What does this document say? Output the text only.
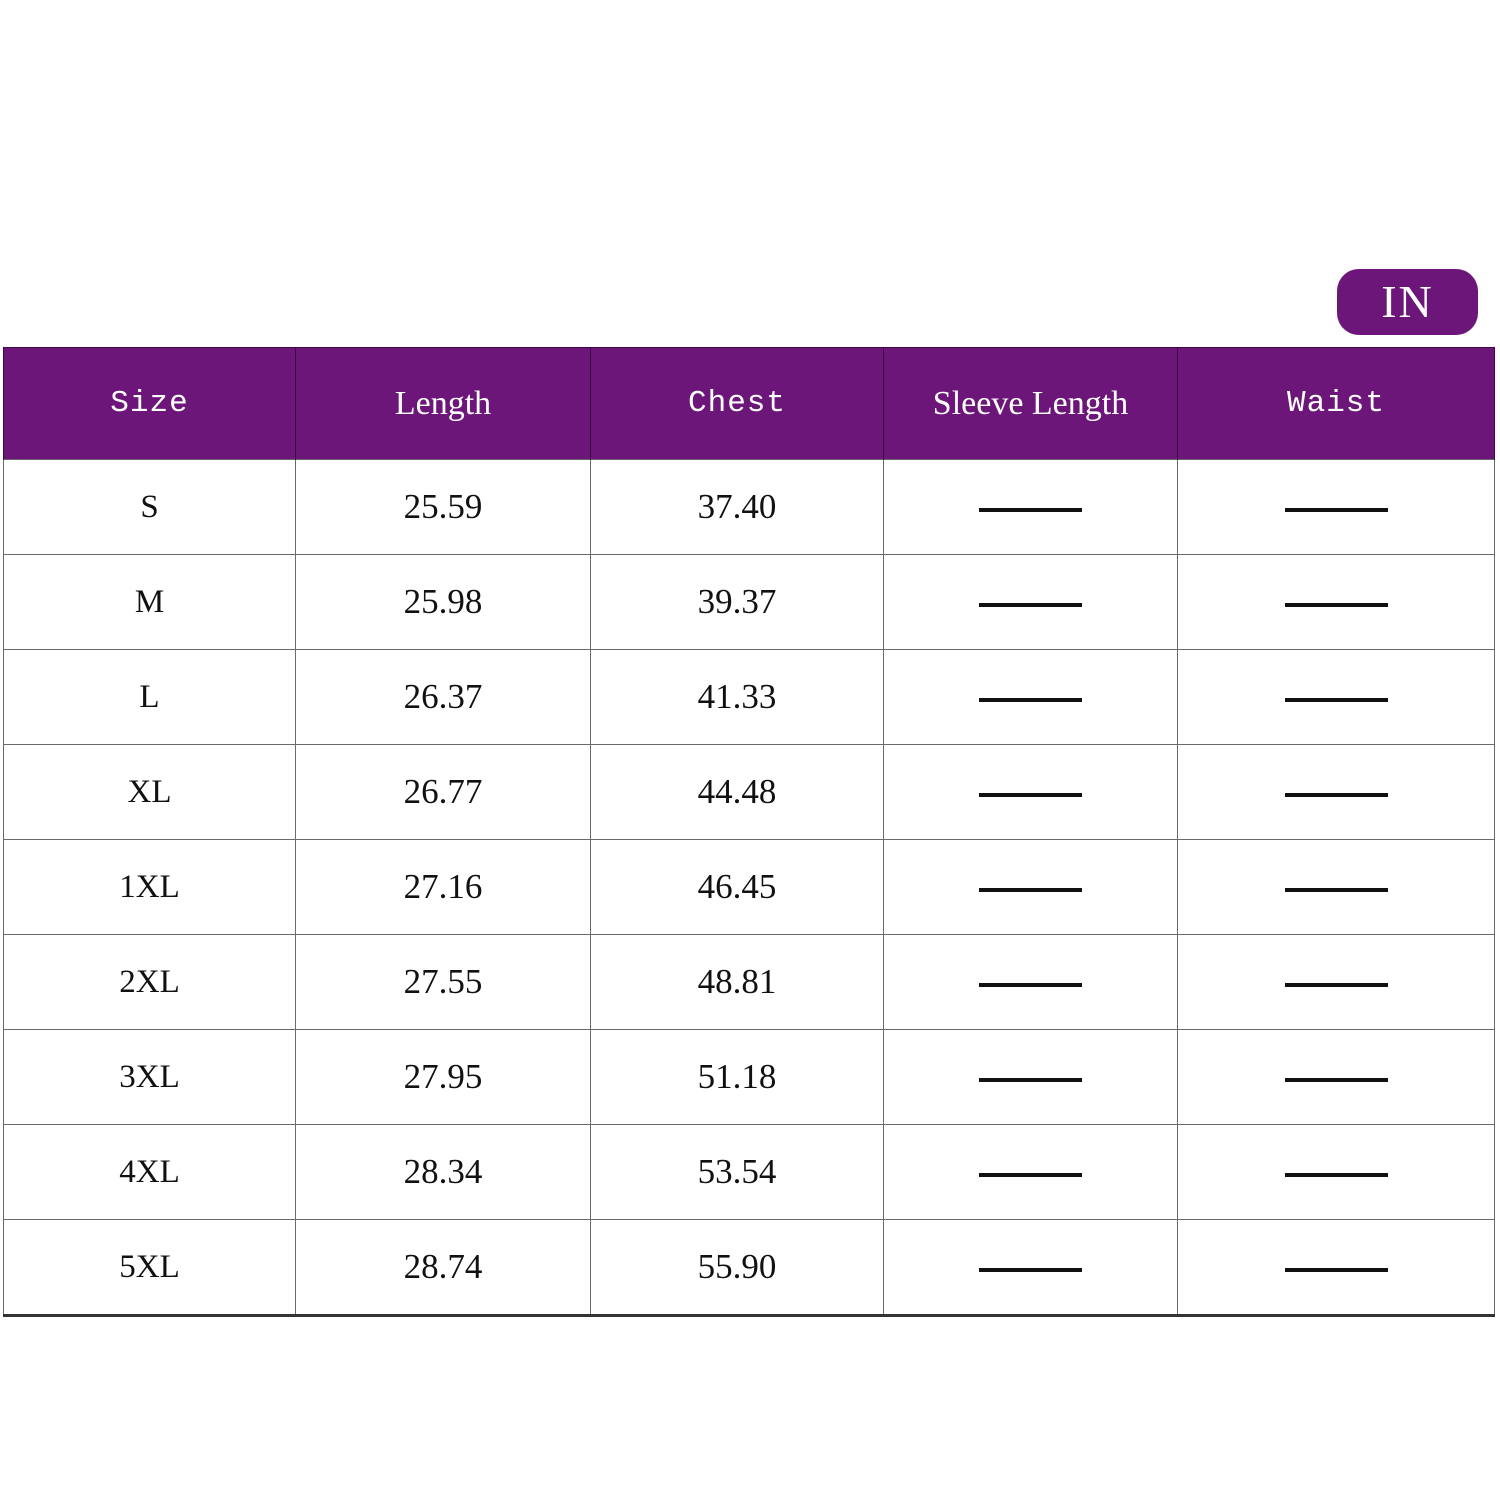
IN
Size	Length	Chest	Sleeve Length	Waist
S	25.59	37.40		
M	25.98	39.37		
L	26.37	41.33		
XL	26.77	44.48		
1XL	27.16	46.45		
2XL	27.55	48.81		
3XL	27.95	51.18		
4XL	28.34	53.54		
5XL	28.74	55.90		
